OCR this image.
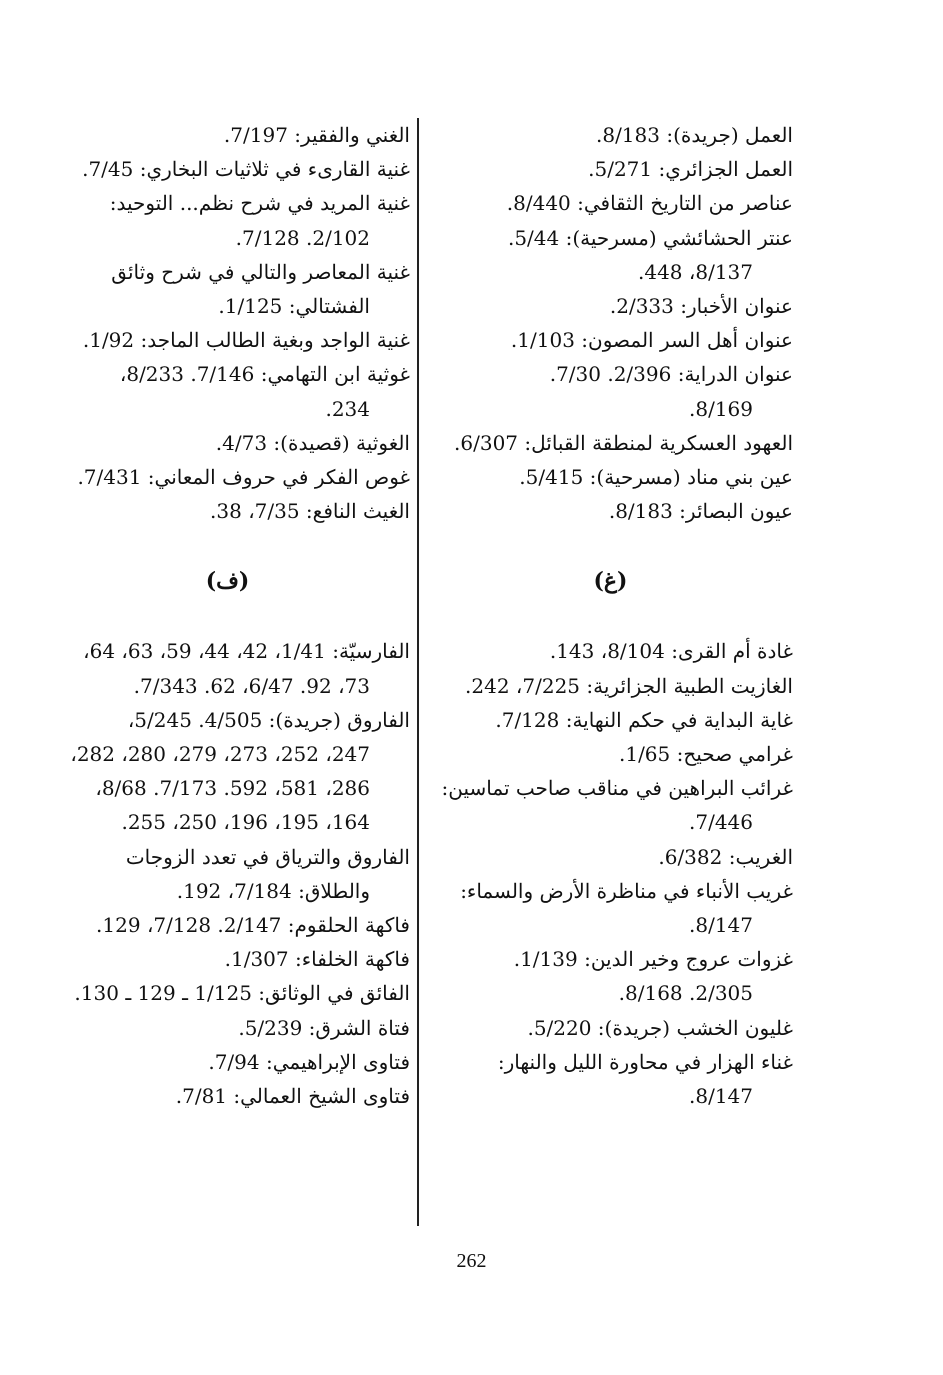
العمل (جريدة): 8/183.
العمل الجزائري: 5/271.
عناصر من التاريخ الثقافي: 8/440.
عنتر الحشائشي (مسرحية): 5/44.
8/137، 448.
عنوان الأخبار: 2/333.
عنوان أهل السر المصون: 1/103.
عنوان الدراية: 2/396. 7/30.
8/169.
العهود العسكرية لمنطقة القبائل: 6/307.
عين بني مناد (مسرحية): 5/415.
عيون البصائر: 8/183.
(غ)
غادة أم القرى: 8/104، 143.
الغازيت الطبية الجزائرية: 7/225، 242.
غاية البداية في حكم النهاية: 7/128.
غرامي صحيح: 1/65.
غرائب البراهين في مناقب صاحب تماسين:
7/446.
الغريب: 6/382.
غريب الأنباء في مناظرة الأرض والسماء:
8/147.
غزوات عروج وخير الدين: 1/139.
2/305. 8/168.
غليون الخشب (جريدة): 5/220.
غناء الهزار في محاورة الليل والنهار:
8/147.
الغني والفقير: 7/197.
غنية القارىء في ثلاثيات البخاري: 7/45.
غنية المريد في شرح نظم... التوحيد:
2/102. 7/128.
غنية المعاصر والتالي في شرح وثائق
الفشتالي: 1/125.
غنية الواجد وبغية الطالب الماجد: 1/92.
غوثية ابن التهامي: 7/146. 8/233،
234.
الغوثية (قصيدة): 4/73.
غوص الفكر في حروف المعاني: 7/431.
الغيث النافع: 7/35، 38.
(ف)
الفارسيّة: 1/41، 42، 44، 59، 63، 64،
73، 92. 6/47، 62. 7/343.
الفاروق (جريدة): 4/505. 5/245،
247، 252، 273، 279، 280، 282،
286، 581، 592. 7/173. 8/68،
164، 195، 196، 250، 255.
الفاروق والترياق في تعدد الزوجات
والطلاق: 7/184، 192.
فاكهة الحلقوم: 2/147. 7/128، 129.
فاكهة الخلفاء: 1/307.
الفائق في الوثائق: 1/125 ـ 129 ـ 130.
فتاة الشرق: 5/239.
فتاوى الإبراهيمي: 7/94.
فتاوى الشيخ العمالي: 7/81.
262
